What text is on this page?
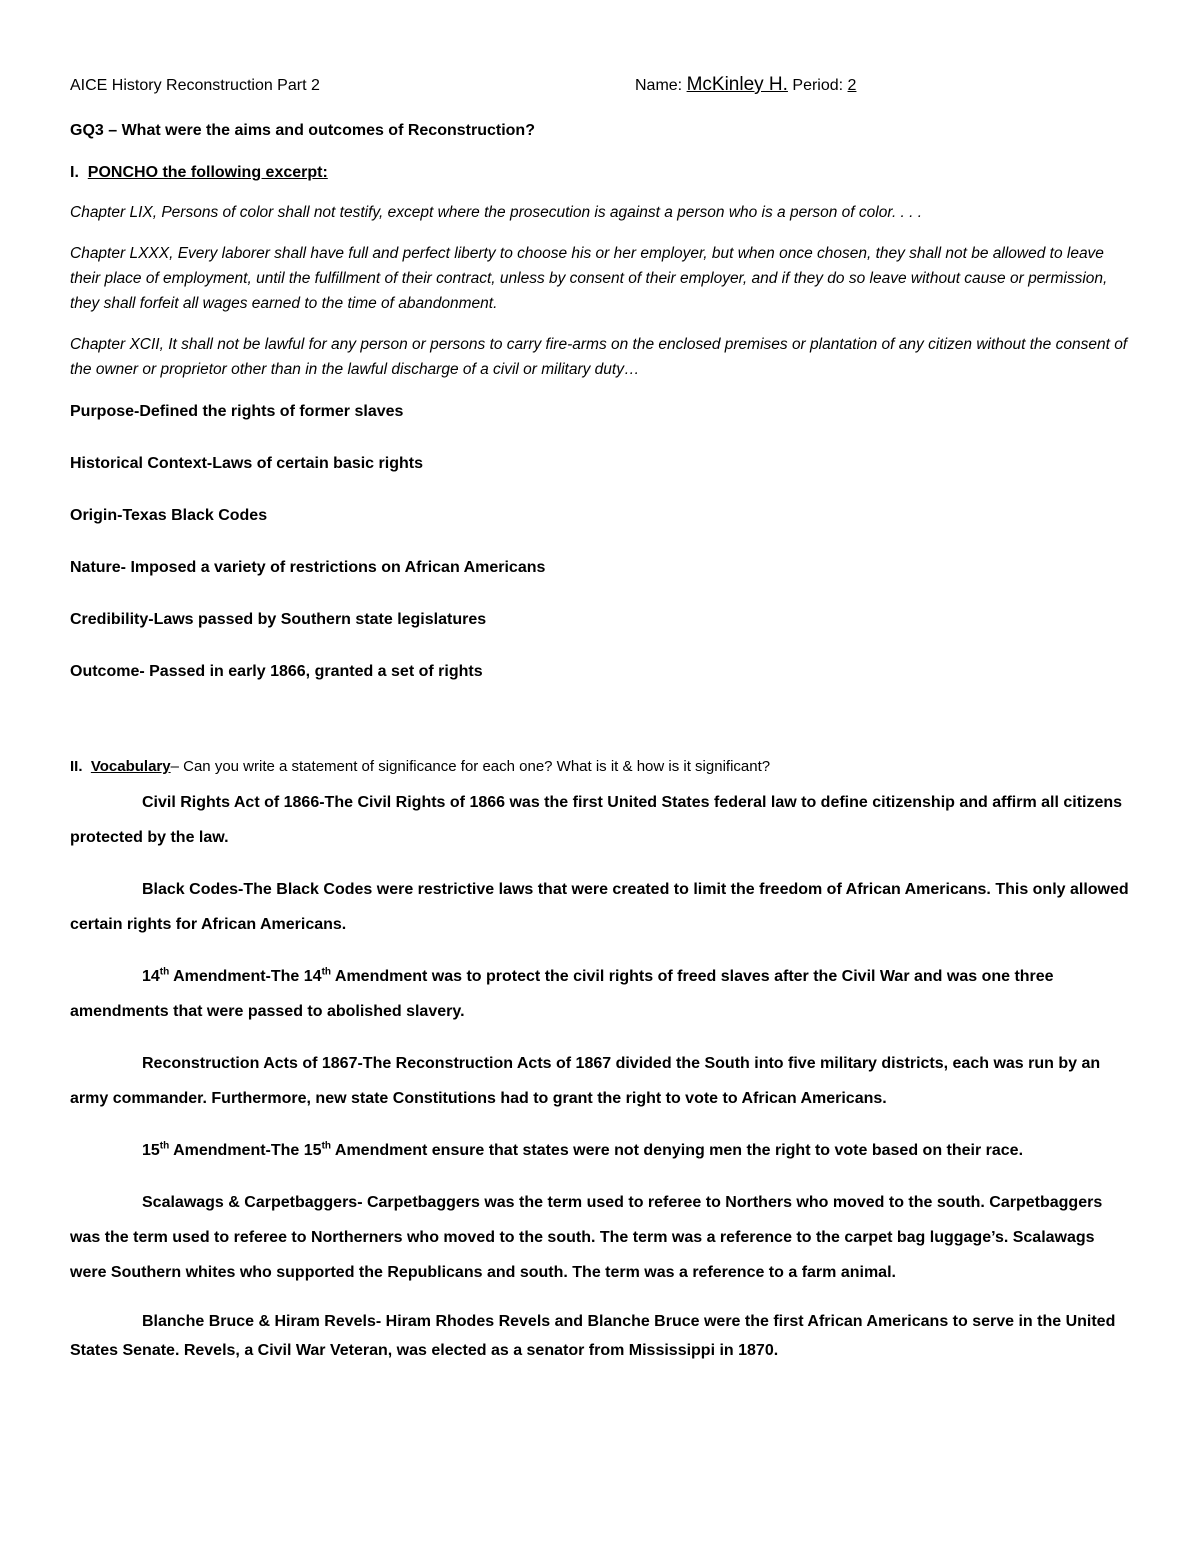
AICE History Reconstruction Part 2	Name:
McKinley H.
Period:
2

GQ3 – What were the aims and outcomes of Reconstruction?

I. PONCHO the following excerpt:

Chapter LIX, Persons of color shall not testify, except where the prosecution is against a person who is a person of color. . . .

Chapter LXXX, Every laborer shall have full and perfect liberty to choose his or her employer, but when once chosen, they shall not be allowed to leave their place of employment, until the fulfillment of their contract, unless by consent of their employer, and if they do so leave without cause or permission, they shall forfeit all wages earned to the time of abandonment.

Chapter XCII, It shall not be lawful for any person or persons to carry fire-arms on the enclosed premises or plantation of any citizen without the consent of the owner or proprietor other than in the lawful discharge of a civil or military duty…

Purpose-Defined the rights of former slaves

Historical Context-Laws of certain basic rights

Origin-Texas Black Codes

Nature- Imposed a variety of restrictions on African Americans

Credibility-Laws passed by Southern state legislatures

Outcome- Passed in early 1866, granted a set of rights

II. Vocabulary– Can you write a statement of significance for each one? What is it & how is it significant?

Civil Rights Act of 1866-The Civil Rights of 1866 was the first United States federal law to define citizenship and affirm all citizens protected by the law.

Black Codes-The Black Codes were restrictive laws that were created to limit the freedom of African Americans. This only allowed certain rights for African Americans.

14th Amendment-The 14th Amendment was to protect the civil rights of freed slaves after the Civil War and was one three amendments that were passed to abolished slavery.

Reconstruction Acts of 1867-The Reconstruction Acts of 1867 divided the South into five military districts, each was run by an army commander. Furthermore, new state Constitutions had to grant the right to vote to African Americans.

15th Amendment-The 15th Amendment ensure that states were not denying men the right to vote based on their race.

Scalawags & Carpetbaggers- Carpetbaggers was the term used to referee to Northers who moved to the south. Carpetbaggers was the term used to referee to Northerners who moved to the south. The term was a reference to the carpet bag luggage’s. Scalawags were Southern whites who supported the Republicans and south. The term was a reference to a farm animal.

Blanche Bruce & Hiram Revels- Hiram Rhodes Revels and Blanche Bruce were the first African Americans to serve in the United States Senate. Revels, a Civil War Veteran, was elected as a senator from Mississippi in 1870.
